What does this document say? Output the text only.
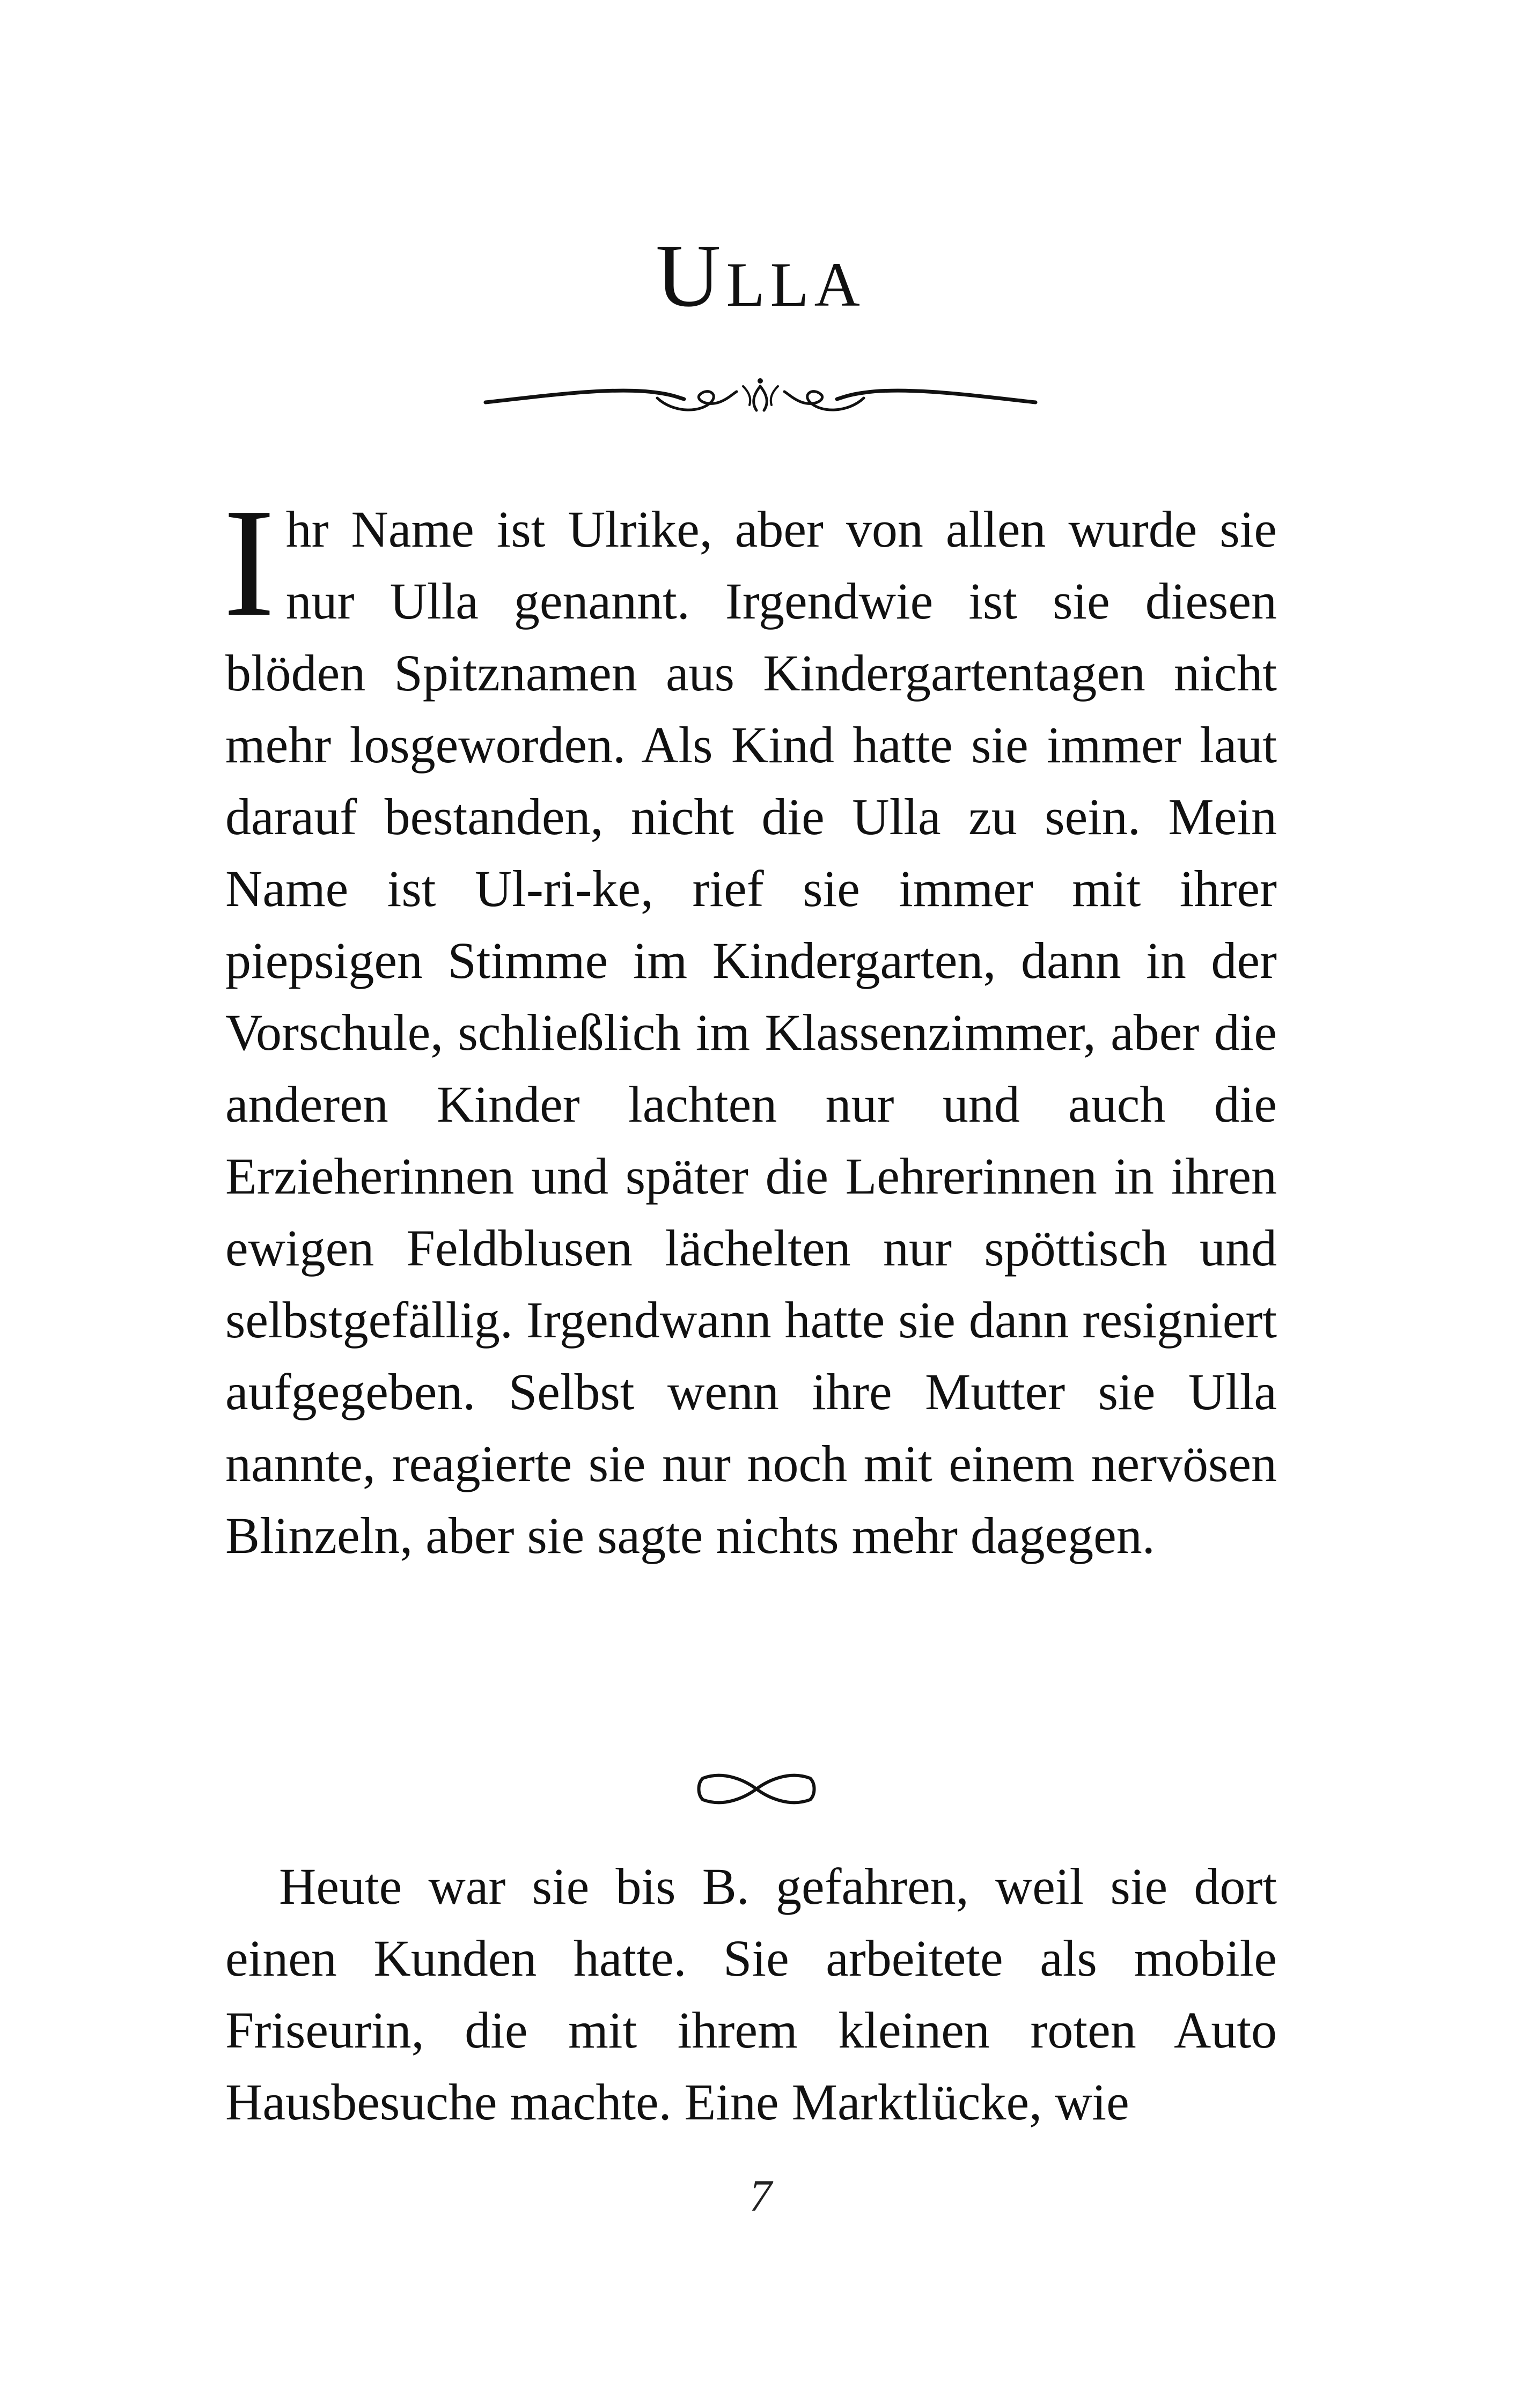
Ulla
Ihr Name ist Ulrike, aber von allen wurde sie nur Ulla genannt. Irgendwie ist sie diesen blöden Spitznamen aus Kindergartentagen nicht mehr losgeworden. Als Kind hatte sie immer laut darauf bestanden, nicht die Ulla zu sein. Mein Name ist Ul-ri-ke, rief sie immer mit ihrer piepsigen Stimme im Kindergarten, dann in der Vorschule, schließlich im Klassenzimmer, aber die anderen Kinder lachten nur und auch die Erzieherinnen und später die Lehrerinnen in ihren ewigen Feldblusen lächelten nur spöttisch und selbstgefällig. Irgendwann hatte sie dann resigniert aufgegeben. Selbst wenn ihre Mutter sie Ulla nannte, reagierte sie nur noch mit einem nervösen Blinzeln, aber sie sagte nichts mehr dagegen.
Heute war sie bis B. gefahren, weil sie dort einen Kunden hatte. Sie arbeitete als mobile Friseurin, die mit ihrem kleinen roten Auto Hausbesuche machte. Eine Marktlücke, wie
7
